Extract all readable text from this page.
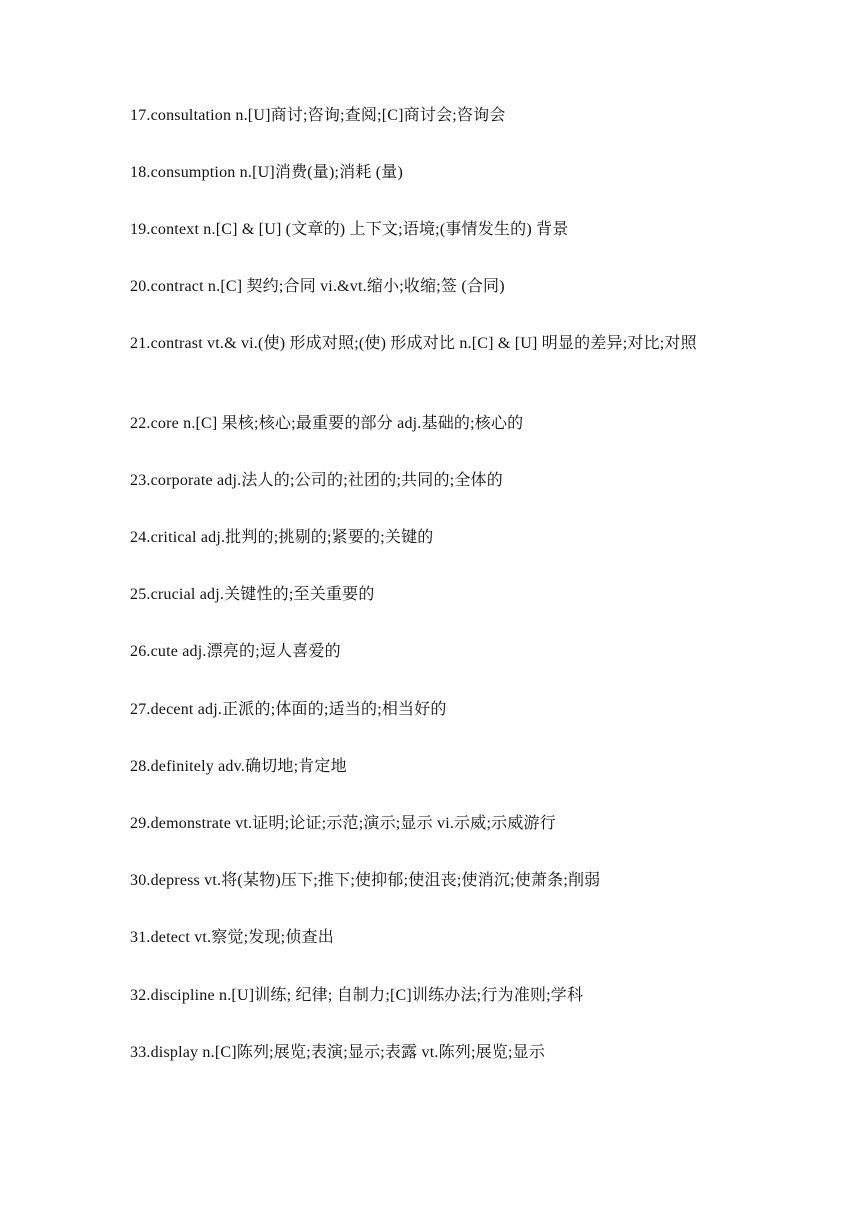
17.consultation n.[U]商讨;咨询;查阅;[C]商讨会;咨询会
18.consumption n.[U]消费(量);消耗 (量)
19.context n.[C] & [U] (文章的) 上下文;语境;(事情发生的) 背景
20.contract n.[C] 契约;合同 vi.&vt.缩小;收缩;签 (合同)
21.contrast vt.& vi.(使) 形成对照;(使) 形成对比 n.[C] & [U] 明显的差异;对比;对照
22.core n.[C] 果核;核心;最重要的部分 adj.基础的;核心的
23.corporate adj.法人的;公司的;社团的;共同的;全体的
24.critical adj.批判的;挑剔的;紧要的;关键的
25.crucial adj.关键性的;至关重要的
26.cute adj.漂亮的;逗人喜爱的
27.decent adj.正派的;体面的;适当的;相当好的
28.definitely adv.确切地;肯定地
29.demonstrate vt.证明;论证;示范;演示;显示 vi.示威;示威游行
30.depress vt.将(某物)压下;推下;使抑郁;使沮丧;使消沉;使萧条;削弱
31.detect vt.察觉;发现;侦查出
32.discipline n.[U]训练; 纪律; 自制力;[C]训练办法;行为准则;学科
33.display n.[C]陈列;展览;表演;显示;表露 vt.陈列;展览;显示
